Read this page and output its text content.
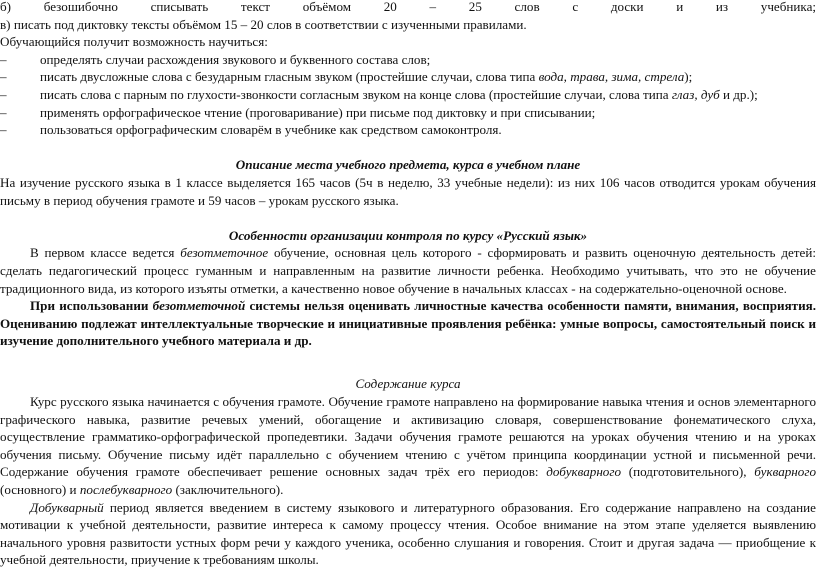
б) безошибочно списывать текст объёмом 20 – 25 слов с доски и из учебника;
в) писать под диктовку тексты объёмом 15 – 20 слов в соответствии с изученными правилами.
Обучающийся получит возможность научиться:
–	определять случаи расхождения звукового и буквенного состава слов;
–	писать двусложные слова с безударным гласным звуком (простейшие случаи, слова типа вода, трава, зима, стрела);
–	писать слова с парным по глухости-звонкости согласным звуком на конце слова (простейшие случаи, слова типа глаз, дуб и др.);
–	применять орфографическое чтение (проговаривание) при письме под диктовку и при списывании;
–	пользоваться орфографическим словарём в учебнике как средством самоконтроля.
Описание места учебного предмета, курса в учебном плане

На изучение русского языка в 1 классе выделяется 165 часов (5ч в неделю, 33 учебные недели): из них 106 часов отводится урокам обучения письму в период обучения грамоте и 59 часов – урокам русского языка.

Особенности организации контроля по курсу «Русский язык»

В первом классе ведется безотметочное обучение, основная цель которого - сформировать и развить оценочную деятельность детей: сделать педагогический процесс гуманным и направленным на развитие личности ребенка. Необходимо учитывать, что это не обучение традиционного вида, из которого изъяты отметки, а качественно новое обучение в начальных классах - на содержательно-оценочной основе.

При использовании безотметочной системы нельзя оценивать личностные качества особенности памяти, внимания, восприятия. Оцениванию подлежат интеллектуальные творческие и инициативные проявления ребёнка: умные вопросы, самостоятельный поиск и изучение дополнительного учебного материала и др.

Содержание курса

Курс русского языка начинается с обучения грамоте. Обучение грамоте направлено на формирование навыка чтения и основ элементарного графического навыка, развитие речевых умений, обогащение и активизацию словаря, совершенствование фонематического слуха, осуществление грамматико-орфографической пропедевтики. Задачи обучения грамоте решаются на уроках обучения чтению и на уроках обучения письму. Обучение письму идёт параллельно с обучением чтению с учётом принципа координации устной и письменной речи. Содержание обучения грамоте обеспечивает решение основных задач трёх его периодов: добукварного (подготовительного), букварного (основного) и послебукварного (заключительного).

Добукварный период является введением в систему языкового и литературного образования. Его содержание направлено на создание мотивации к учебной деятельности, развитие интереса к самому процессу чтения. Особое внимание на этом этапе уделяется выявлению начального уровня развитости устных форм речи у каждого ученика, особенно слушания и говорения. Стоит и другая задача — приобщение к учебной деятельности, приучение к требованиям школы.
